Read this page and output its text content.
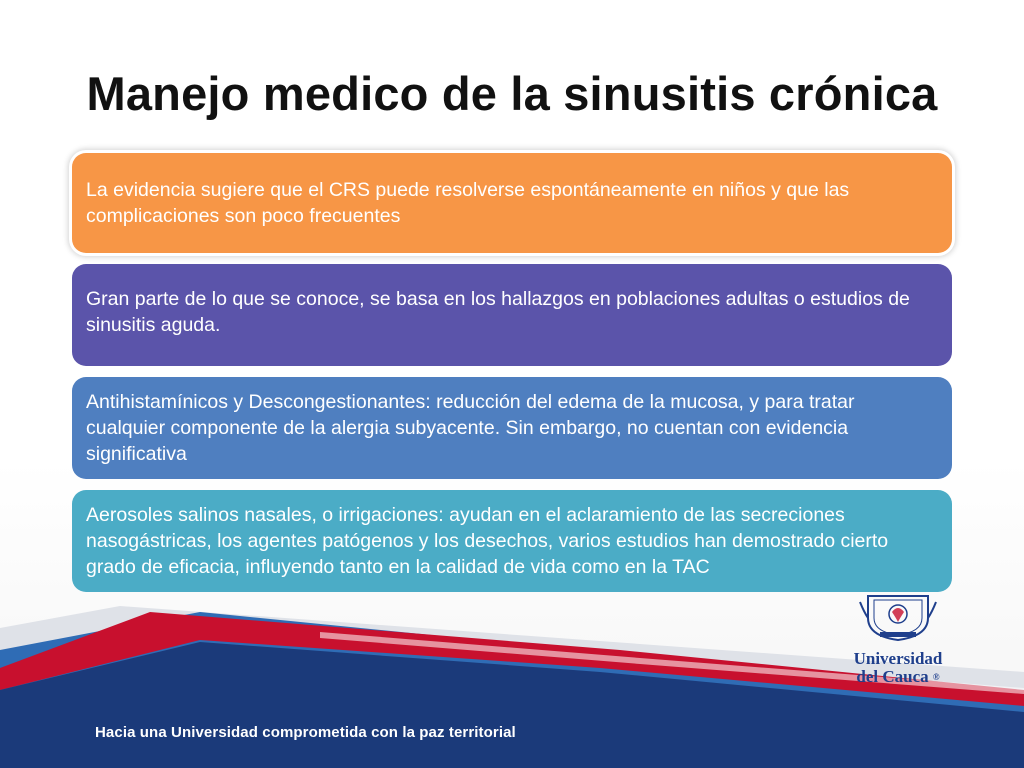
Manejo medico de la sinusitis crónica
La evidencia sugiere que el CRS puede resolverse espontáneamente en niños y que las complicaciones son poco frecuentes
Gran parte de lo que se conoce, se basa en los hallazgos en poblaciones adultas o estudios de sinusitis aguda.
Antihistamínicos y Descongestionantes: reducción del edema de la mucosa, y para tratar cualquier componente de la alergia subyacente. Sin embargo, no cuentan con evidencia significativa
Aerosoles salinos nasales, o irrigaciones: ayudan en el aclaramiento de las secreciones nasogástricas, los agentes patógenos y los desechos, varios estudios han demostrado cierto grado de eficacia, influyendo tanto en la calidad de vida como en la TAC
Universidad
del Cauca ®
Hacia una Universidad comprometida con la paz territorial
